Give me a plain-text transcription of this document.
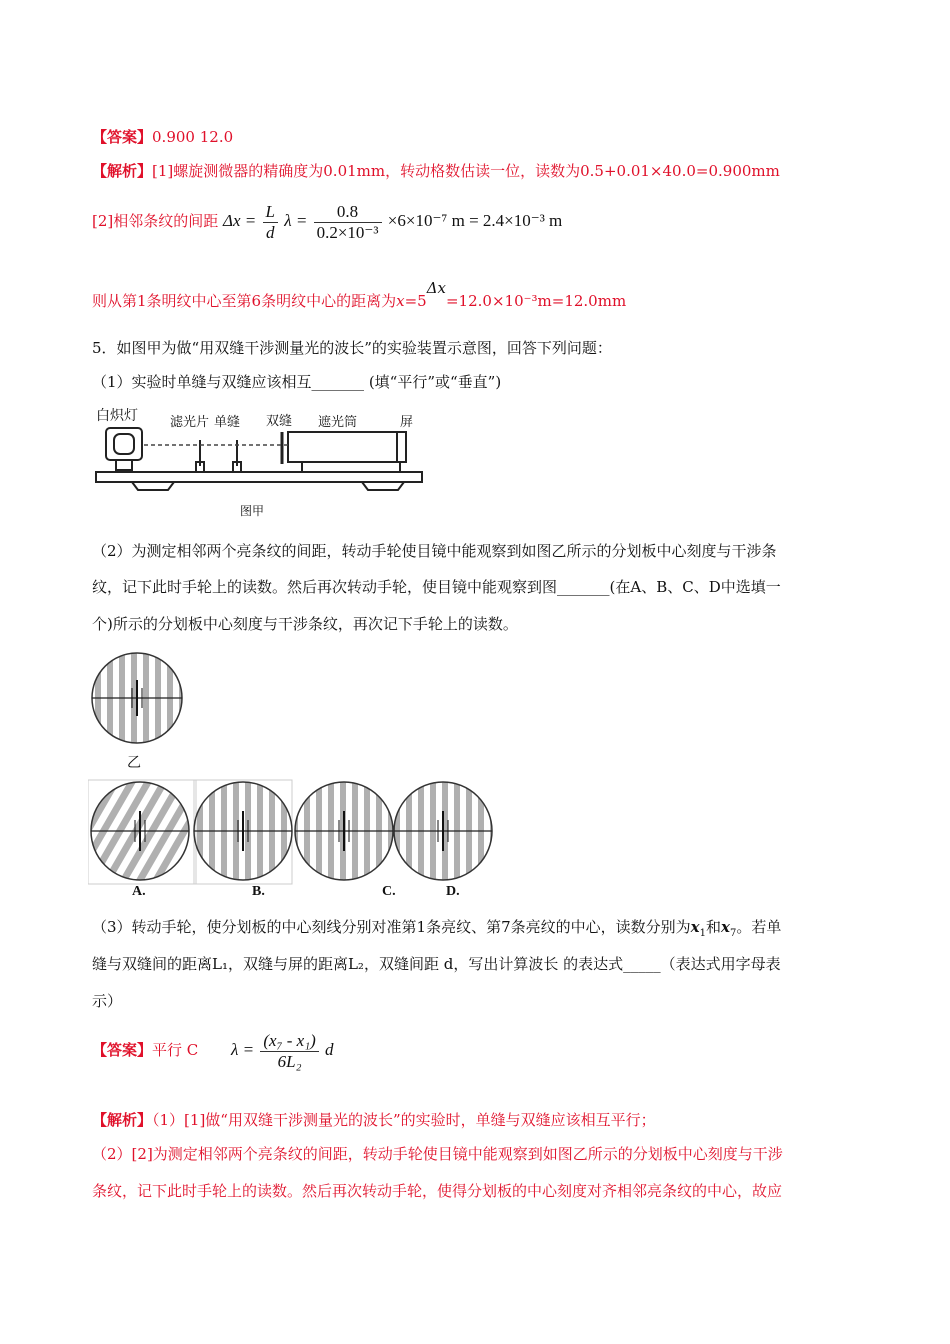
【答案】0.900 12.0
【解析】[1]螺旋测微器的精确度为0.01mm，转动格数估读一位，读数为0.5+0.01×40.0=0.900mm
[2]相邻条纹的间距 $\Delta x = \frac{L}{d}$ $\lambda = \frac{0.8}{\text{0.2×10⁻³}} \times 6\times 10^{-7}$ m = 2.4×10⁻³ m
则从第1条明纹中心至第6条明纹中心的距离为x=5Δx=12.0×10⁻³m=12.0mm
5．如图甲为做“用双缝干涉测量光的波长”的实验装置示意图，回答下列问题：
（1）实验时单缝与双缝应该相互_______ (填“平行”或“垂直”)
白炽灯 滤光片 单缝 双缝 遮光筒	屏
图甲
（2）为测定相邻两个亮条纹的间距，转动手轮使目镜中能观察到如图乙所示的分划板中心刻度与干涉条
纹，记下此时手轮上的读数。然后再次转动手轮，使目镜中能观察到图_______(在A、B、C、D中选填一
个)所示的分划板中心刻度与干涉条纹，再次记下手轮上的读数。
乙
A.	B.	C.	D.
（3）转动手轮，使分划板的中心刻线分别对准第1条亮纹、第7条亮纹的中心，读数分别为$x_1$和$x_7$。若单
缝与双缝间的距离L₁，双缝与屏的距离L₂，双缝间距 d，写出计算波长 的表达式_____（表达式用字母表
示）
【答案】平行 C $\lambda = \frac{\text{(x₇ - x₁)}}{\text{6L₂}}$ d
【解析】（1）[1]做“用双缝干涉测量光的波长”的实验时，单缝与双缝应该相互平行；
（2）[2]为测定相邻两个亮条纹的间距，转动手轮使目镜中能观察到如图乙所示的分划板中心刻度与干涉
条纹，记下此时手轮上的读数。然后再次转动手轮，使得分划板的中心刻度对齐相邻亮条纹的中心，故应
